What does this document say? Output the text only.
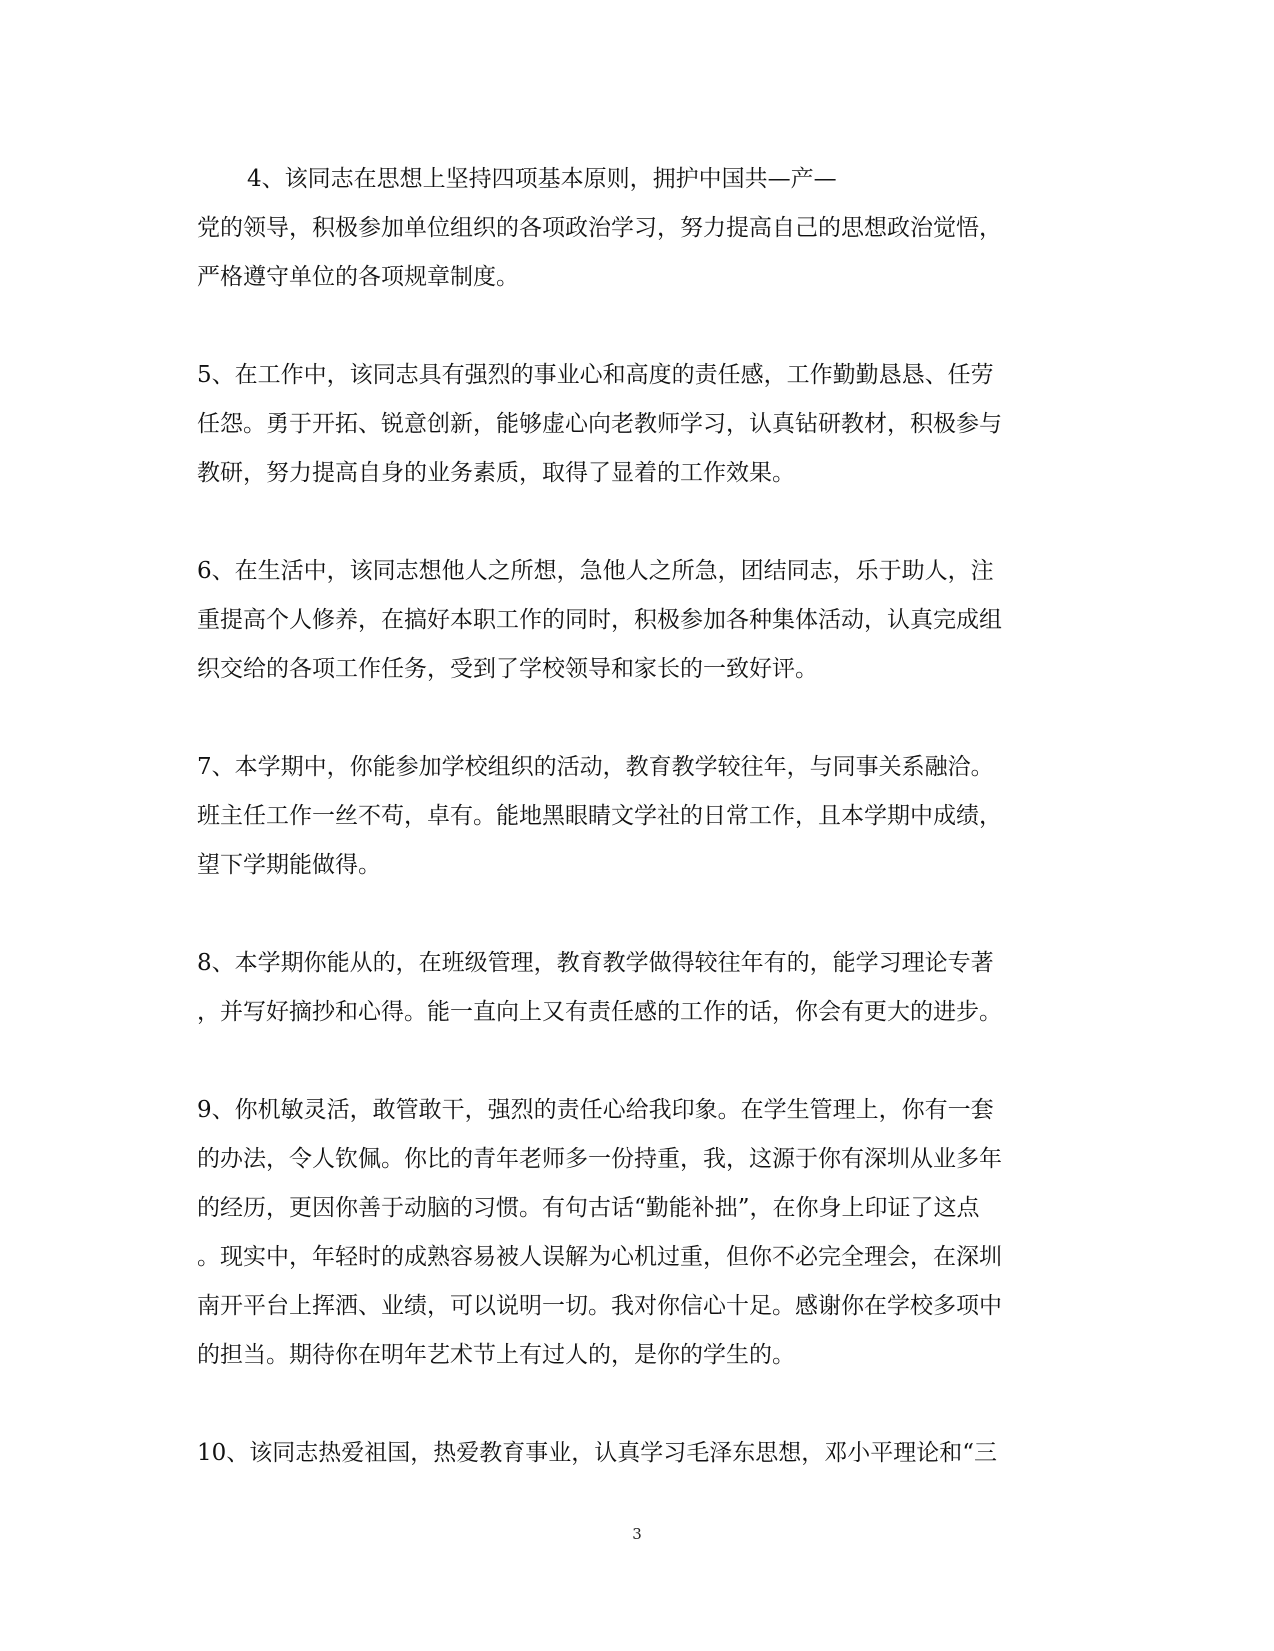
4、该同志在思想上坚持四项基本原则，拥护中国共—产—
党的领导，积极参加单位组织的各项政治学习，努力提高自己的思想政治觉悟，
严格遵守单位的各项规章制度。
5、在工作中，该同志具有强烈的事业心和高度的责任感，工作勤勤恳恳、任劳
任怨。勇于开拓、锐意创新，能够虚心向老教师学习，认真钻研教材，积极参与
教研，努力提高自身的业务素质，取得了显着的工作效果。
6、在生活中，该同志想他人之所想，急他人之所急，团结同志，乐于助人，注
重提高个人修养，在搞好本职工作的同时，积极参加各种集体活动，认真完成组
织交给的各项工作任务，受到了学校领导和家长的一致好评。
7、本学期中，你能参加学校组织的活动，教育教学较往年，与同事关系融洽。
班主任工作一丝不苟，卓有。能地黑眼睛文学社的日常工作，且本学期中成绩，
望下学期能做得。
8、本学期你能从的，在班级管理，教育教学做得较往年有的，能学习理论专著
，并写好摘抄和心得。能一直向上又有责任感的工作的话，你会有更大的进步。
9、你机敏灵活，敢管敢干，强烈的责任心给我印象。在学生管理上，你有一套
的办法，令人钦佩。你比的青年老师多一份持重，我，这源于你有深圳从业多年
的经历，更因你善于动脑的习惯。有句古话“勤能补拙”，在你身上印证了这点
。现实中，年轻时的成熟容易被人误解为心机过重，但你不必完全理会，在深圳
南开平台上挥洒、业绩，可以说明一切。我对你信心十足。感谢你在学校多项中
的担当。期待你在明年艺术节上有过人的，是你的学生的。
10、该同志热爱祖国，热爱教育事业，认真学习毛泽东思想，邓小平理论和“三
3
